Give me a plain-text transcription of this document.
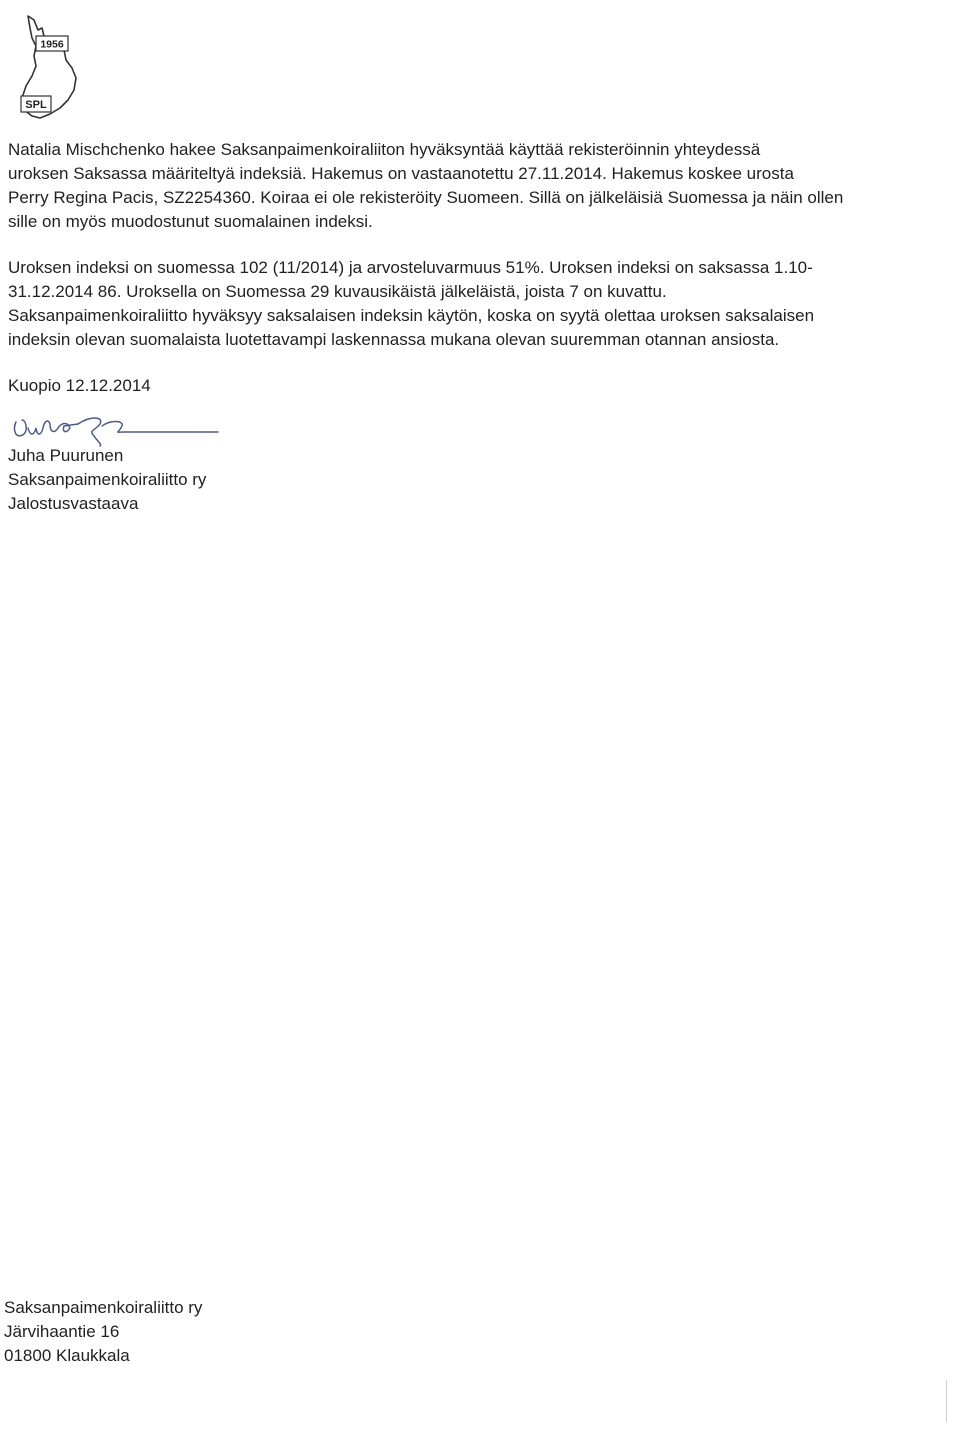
1956
SPL

Natalia Mischchenko hakee Saksanpaimenkoiraliiton hyväksyntää käyttää rekisteröinnin yhteydessä

uroksen Saksassa määriteltyä indeksiä. Hakemus on vastaanotettu 27.11.2014. Hakemus koskee urosta

Perry Regina Pacis, SZ2254360. Koiraa ei ole rekisteröity Suomeen. Sillä on jälkeläisiä Suomessa ja näin ollen

sille on myös muodostunut suomalainen indeksi.

Uroksen indeksi on suomessa 102 (11/2014) ja arvosteluvarmuus 51%. Uroksen indeksi on saksassa 1.10-

31.12.2014 86. Uroksella on Suomessa 29 kuvausikäistä jälkeläistä, joista 7 on kuvattu.

Saksanpaimenkoiraliitto hyväksyy saksalaisen indeksin käytön, koska on syytä olettaa uroksen saksalaisen

indeksin olevan suomalaista luotettavampi laskennassa mukana olevan suuremman otannan ansiosta.

Kuopio 12.12.2014

Juha Puurunen

Saksanpaimenkoiraliitto ry

Jalostusvastaava

Saksanpaimenkoiraliitto ry

Järvihaantie 16

01800 Klaukkala
